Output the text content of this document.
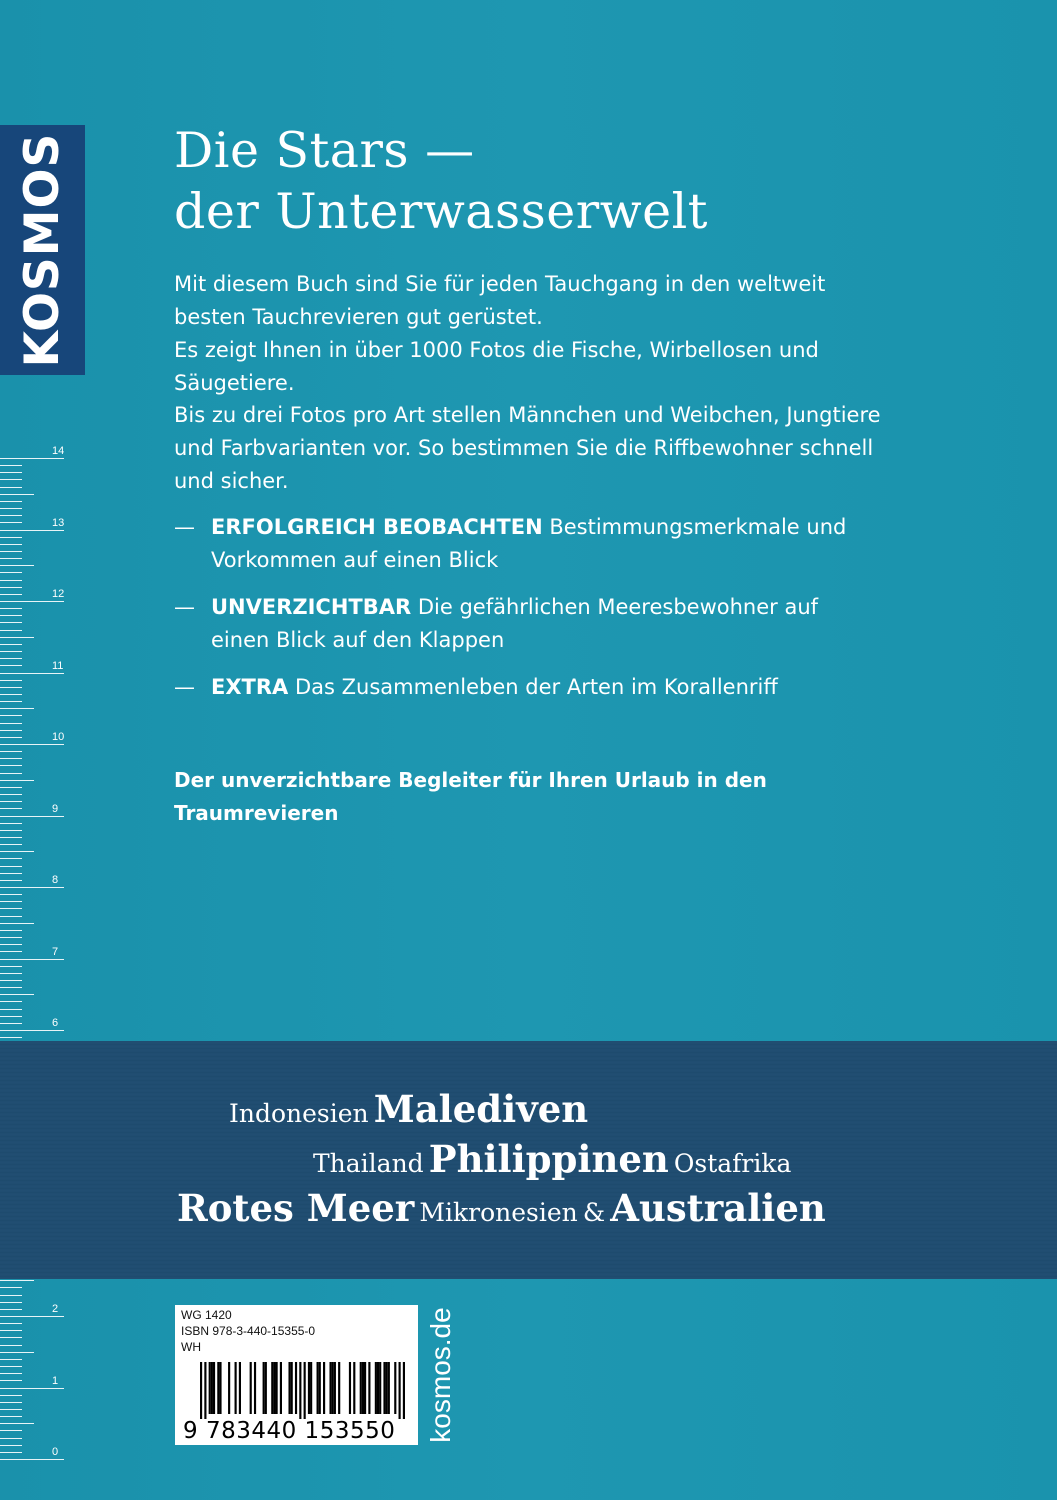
KOSMOS
14
13
12
11
10
9
8
7
6
2
1
0
Die Stars —
der Unterwasserwelt

Mit diesem Buch sind Sie für jeden Tauchgang in den weltweit besten Tauchrevieren gut gerüstet.

Es zeigt Ihnen in über 1000 Fotos die Fische, Wirbellosen und Säugetiere.

Bis zu drei Fotos pro Art stellen Männchen und Weibchen, Jungtiere und Farbvarianten vor. So bestimmen Sie die Riffbewohner schnell und sicher.

— ERFOLGREICH BEOBACHTEN Bestimmungsmerkmale und Vorkommen auf einen Blick
— UNVERZICHTBAR Die gefährlichen Meeresbewohner auf einen Blick auf den Klappen
— EXTRA Das Zusammenleben der Arten im Korallenriff

Der unverzichtbare Begleiter für Ihren Urlaub in den Traumrevieren

Indonesien Malediven
Thailand Philippinen Ostafrika
Rotes Meer Mikronesien & Australien
WG 1420
ISBN 978-3-440-15355-0
WH
9 783440 153550 kosmos.de
